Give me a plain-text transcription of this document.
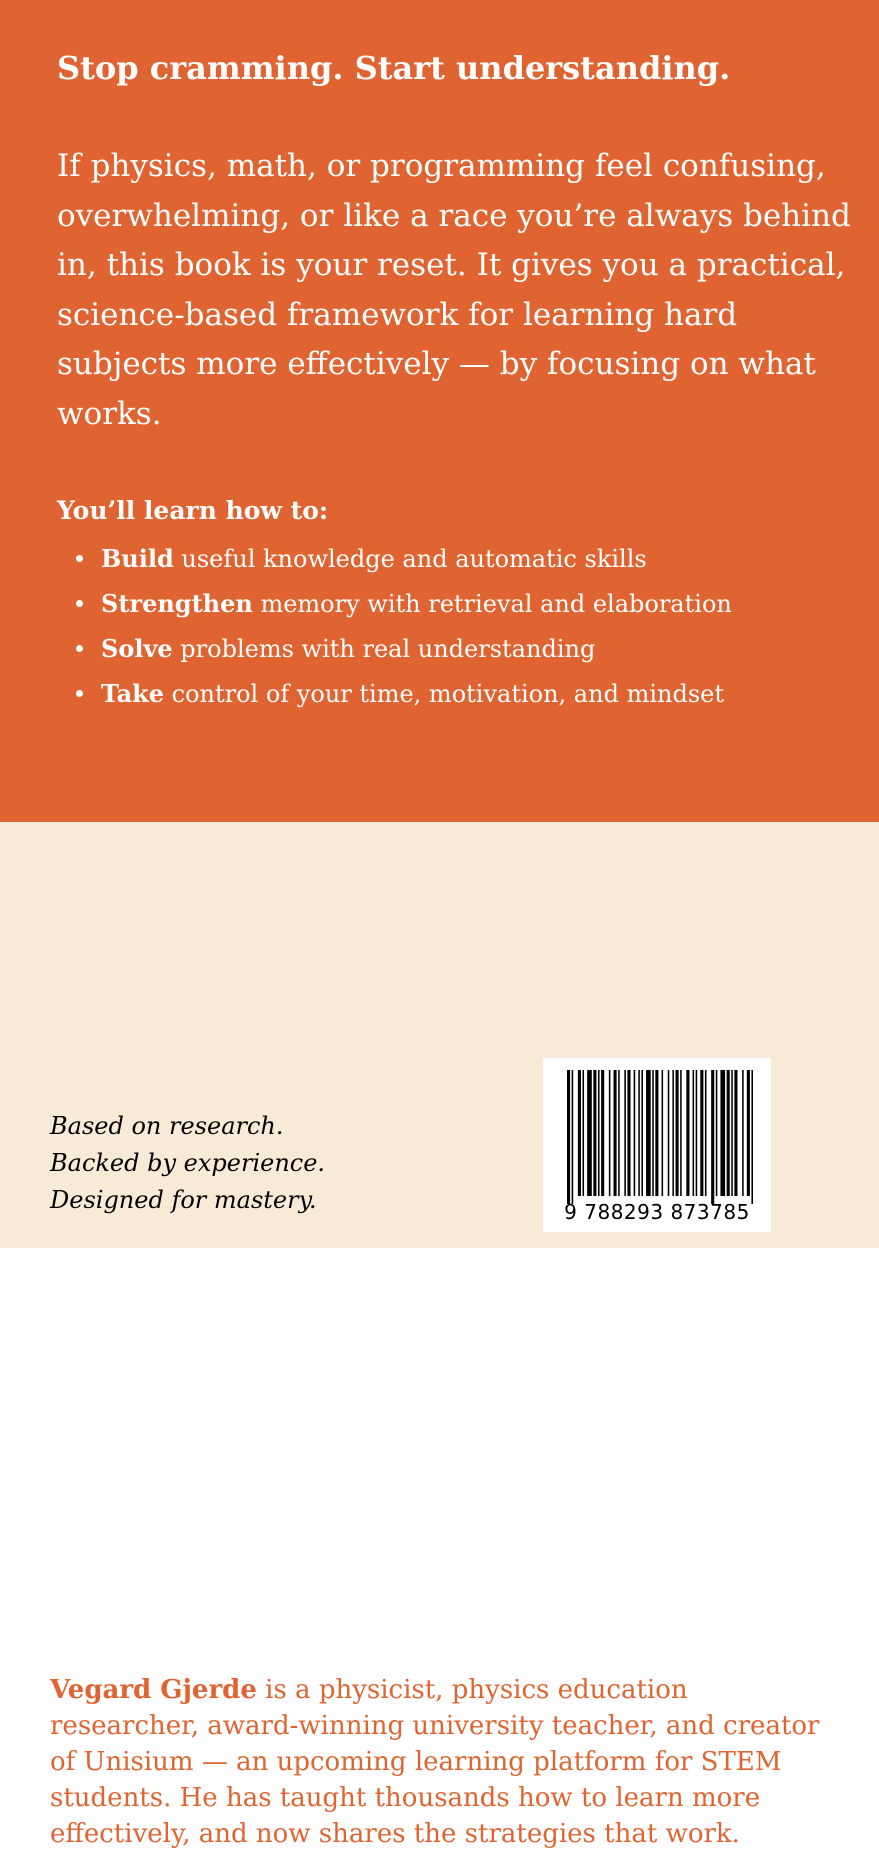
Stop cramming. Start understanding.

If physics, math, or programming feel confusing, overwhelming, or like a race you’re always behind in, this book is your reset. It gives you a practical, science-based framework for learning hard subjects more effectively — by focusing on what works.

You’ll learn how to:
Build useful knowledge and automatic skills
Strengthen memory with retrieval and elaboration
Solve problems with real understanding
Take control of your time, motivation, and mindset

Vegard Gjerde is a physicist, physics education researcher, award-winning university teacher, and creator of Unisium — an upcoming learning platform for STEM students. He has taught thousands how to learn more effectively, and now shares the strategies that work.

Based on research.
Backed by experience.
Designed for mastery.	9 788293 873785
